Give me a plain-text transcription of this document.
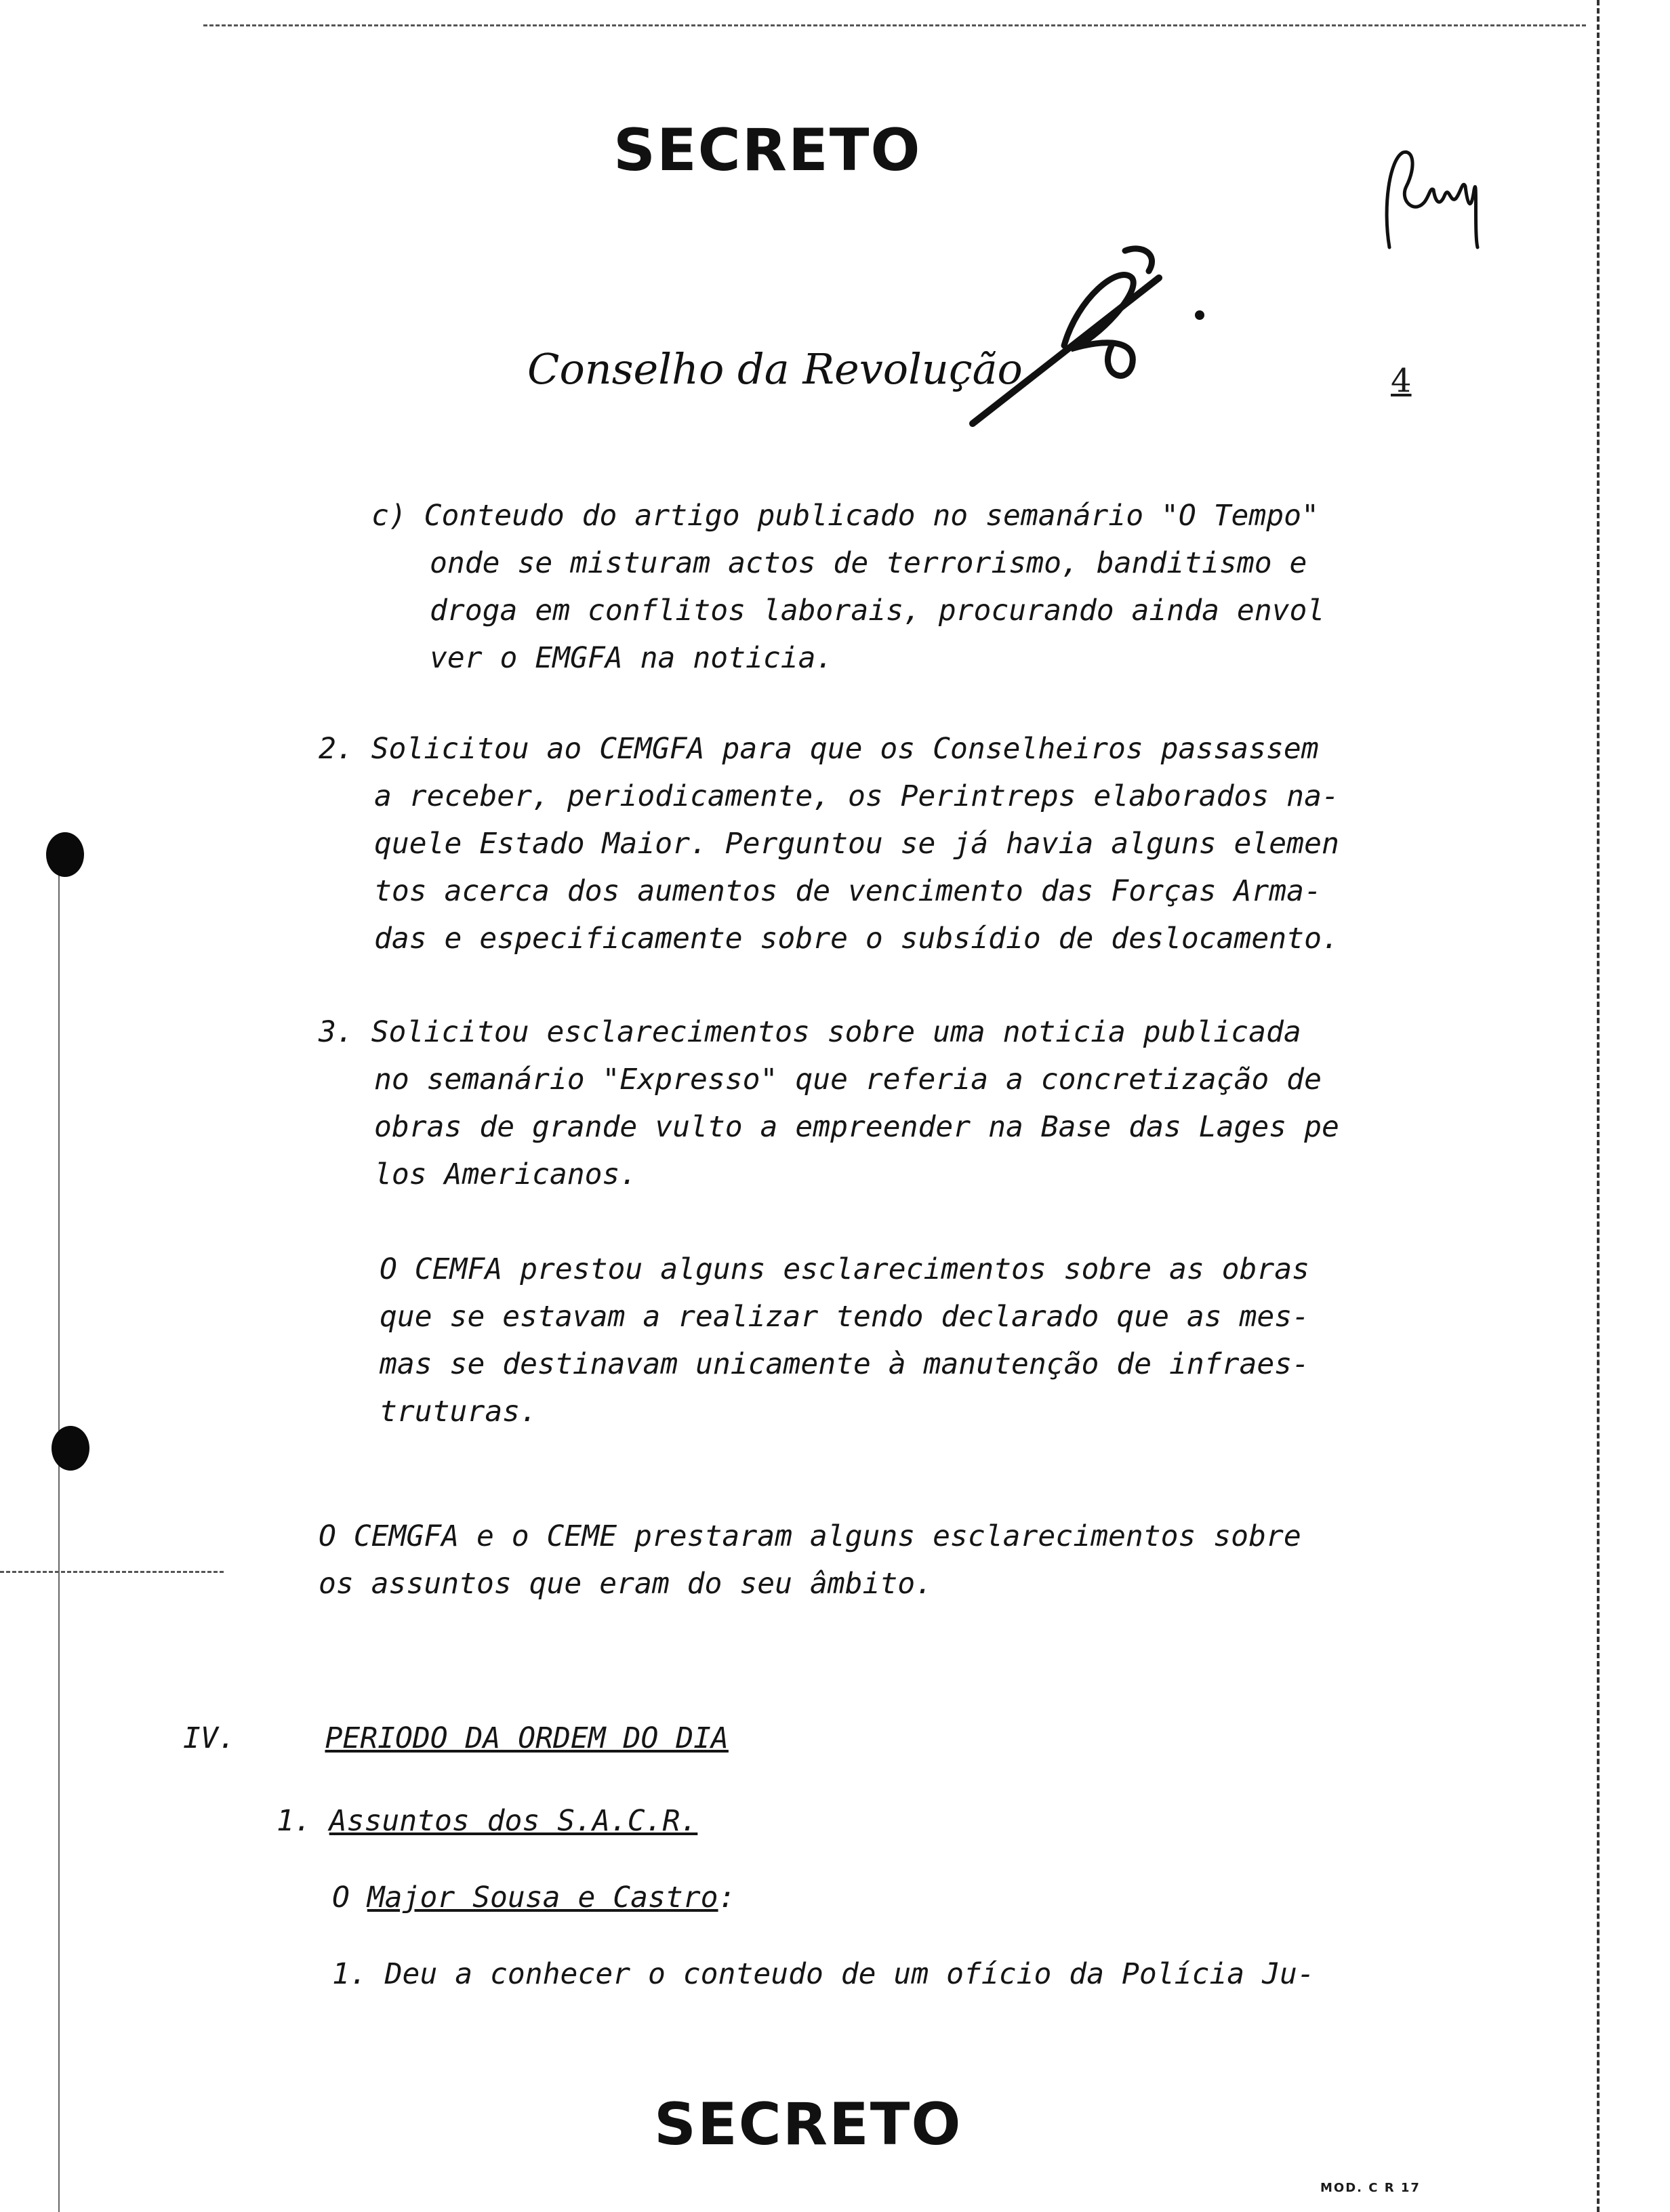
SECRETO
Conselho da Revolução	4
c) Conteudo do artigo publicado no semanário "O Tempo"
onde se misturam actos de terrorismo, banditismo e
droga em conflitos laborais, procurando ainda envol
ver o EMGFA na noticia.
2. Solicitou ao CEMGFA para que os Conselheiros passassem
a receber, periodicamente, os Perintreps elaborados na-
quele Estado Maior. Perguntou se já havia alguns elemen
tos acerca dos aumentos de vencimento das Forças Arma-
das e especificamente sobre o subsídio de deslocamento.
3. Solicitou esclarecimentos sobre uma noticia publicada
no semanário "Expresso" que referia a concretização de
obras de grande vulto a empreender na Base das Lages pe
los Americanos.
O CEMFA prestou alguns esclarecimentos sobre as obras
que se estavam a realizar tendo declarado que as mes-
mas se destinavam unicamente à manutenção de infraes-
truturas.
O CEMGFA e o CEME prestaram alguns esclarecimentos sobre
os assuntos que eram do seu âmbito.
IV.	PERIODO DA ORDEM DO DIA
1. Assuntos dos S.A.C.R.
O Major Sousa e Castro:
1. Deu a conhecer o conteudo de um ofício da Polícia Ju-
SECRETO
MOD. C R 17
